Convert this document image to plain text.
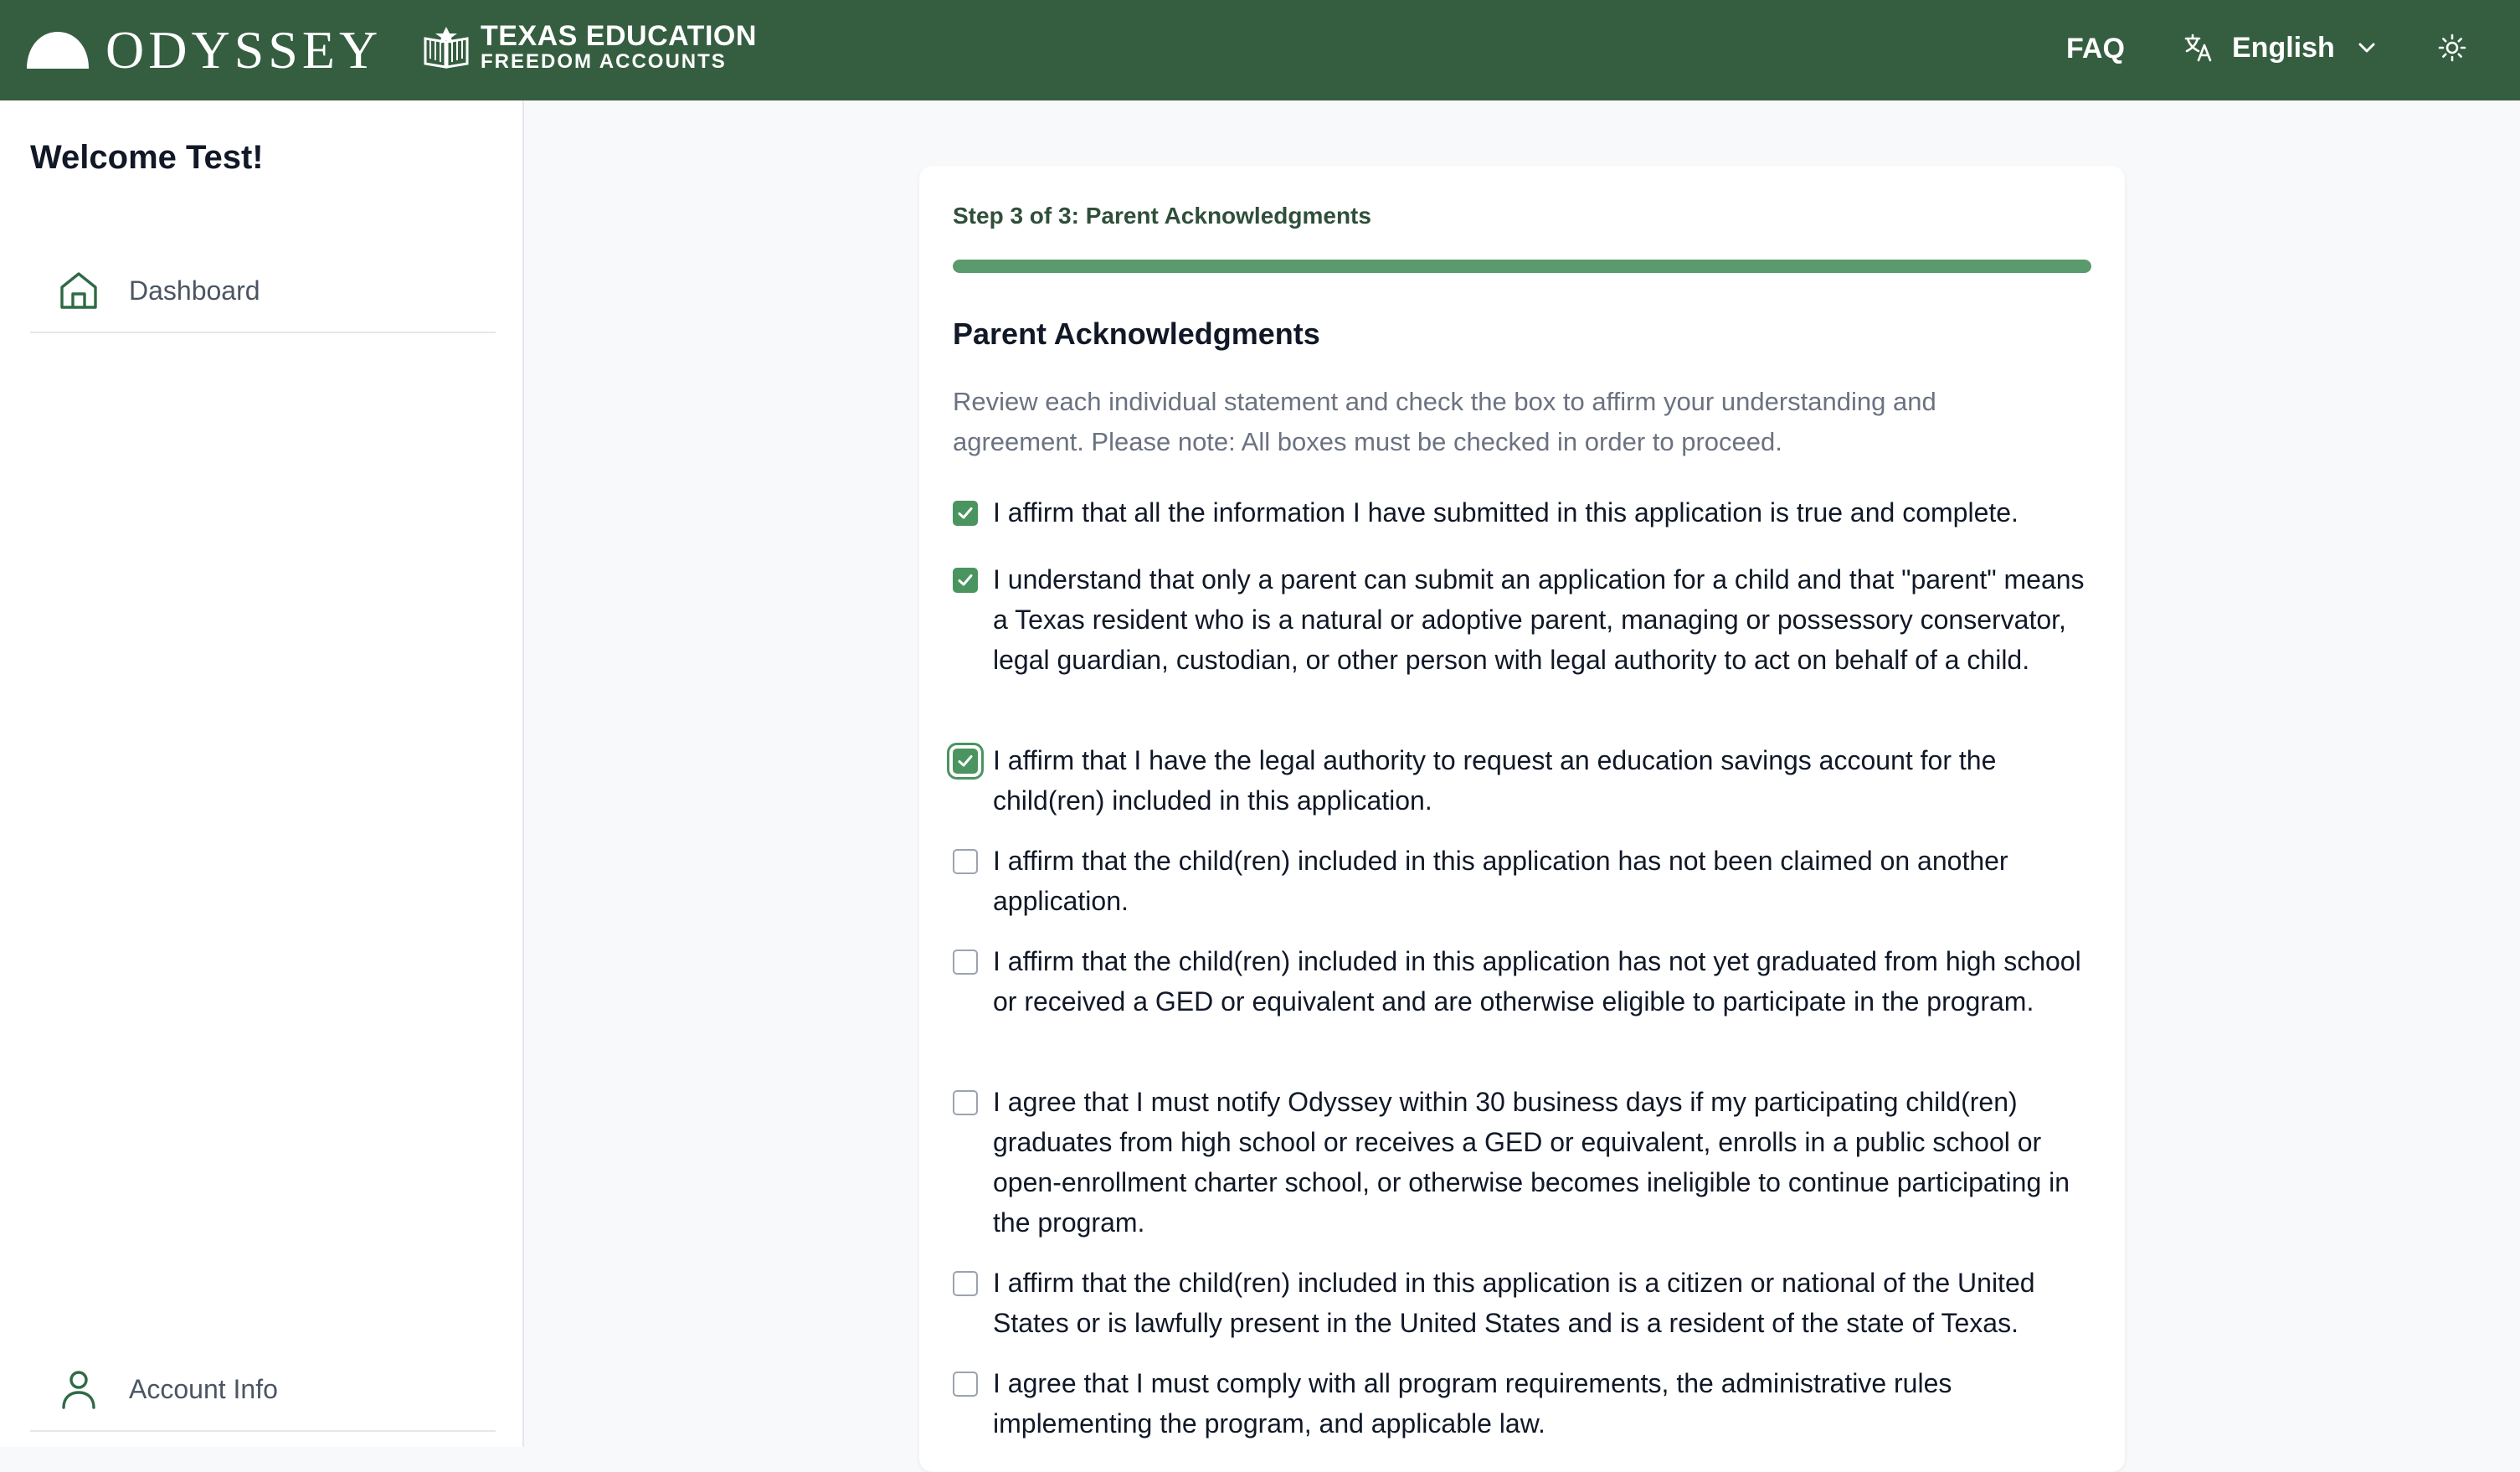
ODYSSEY	TEXAS EDUCATION
FREEDOM ACCOUNTS	FAQ	English
Welcome Test!
Dashboard
Account Info
Step 3 of 3: Parent Acknowledgments
Parent Acknowledgments
Review each individual statement and check the box to affirm your understanding and agreement. Please note: All boxes must be checked in order to proceed.
I affirm that all the information I have submitted in this application is true and complete.
I understand that only a parent can submit an application for a child and that "parent" means a Texas resident who is a natural or adoptive parent, managing or possessory conservator, legal guardian, custodian, or other person with legal authority to act on behalf of a child.
I affirm that I have the legal authority to request an education savings account for the child(ren) included in this application.
I affirm that the child(ren) included in this application has not been claimed on another application.
I affirm that the child(ren) included in this application has not yet graduated from high school or received a GED or equivalent and are otherwise eligible to participate in the program.
I agree that I must notify Odyssey within 30 business days if my participating child(ren) graduates from high school or receives a GED or equivalent, enrolls in a public school or open-enrollment charter school, or otherwise becomes ineligible to continue participating in the program.
I affirm that the child(ren) included in this application is a citizen or national of the United States or is lawfully present in the United States and is a resident of the state of Texas.
I agree that I must comply with all program requirements, the administrative rules implementing the program, and applicable law.
